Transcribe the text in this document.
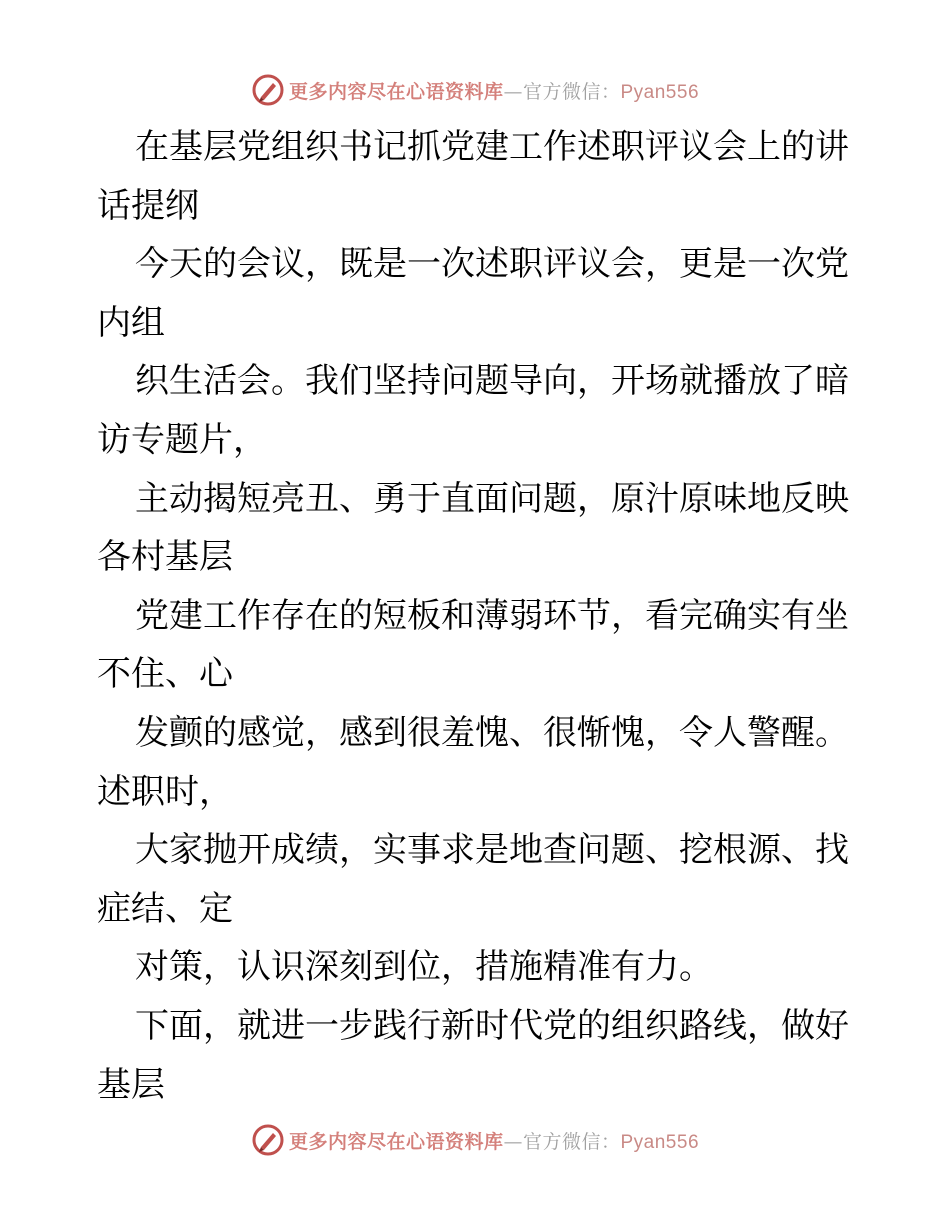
更多内容尽在心语资料库—官方微信：Pyan556
在基层党组织书记抓党建工作述职评议会上的讲
话提纲
今天的会议，既是一次述职评议会，更是一次党
内组
织生活会。我们坚持问题导向，开场就播放了暗
访专题片，
主动揭短亮丑、勇于直面问题，原汁原味地反映
各村基层
党建工作存在的短板和薄弱环节，看完确实有坐
不住、心
发颤的感觉，感到很羞愧、很惭愧，令人警醒。
述职时，
大家抛开成绩，实事求是地查问题、挖根源、找
症结、定
对策，认识深刻到位，措施精准有力。
下面，就进一步践行新时代党的组织路线，做好
基层
更多内容尽在心语资料库—官方微信：Pyan556
